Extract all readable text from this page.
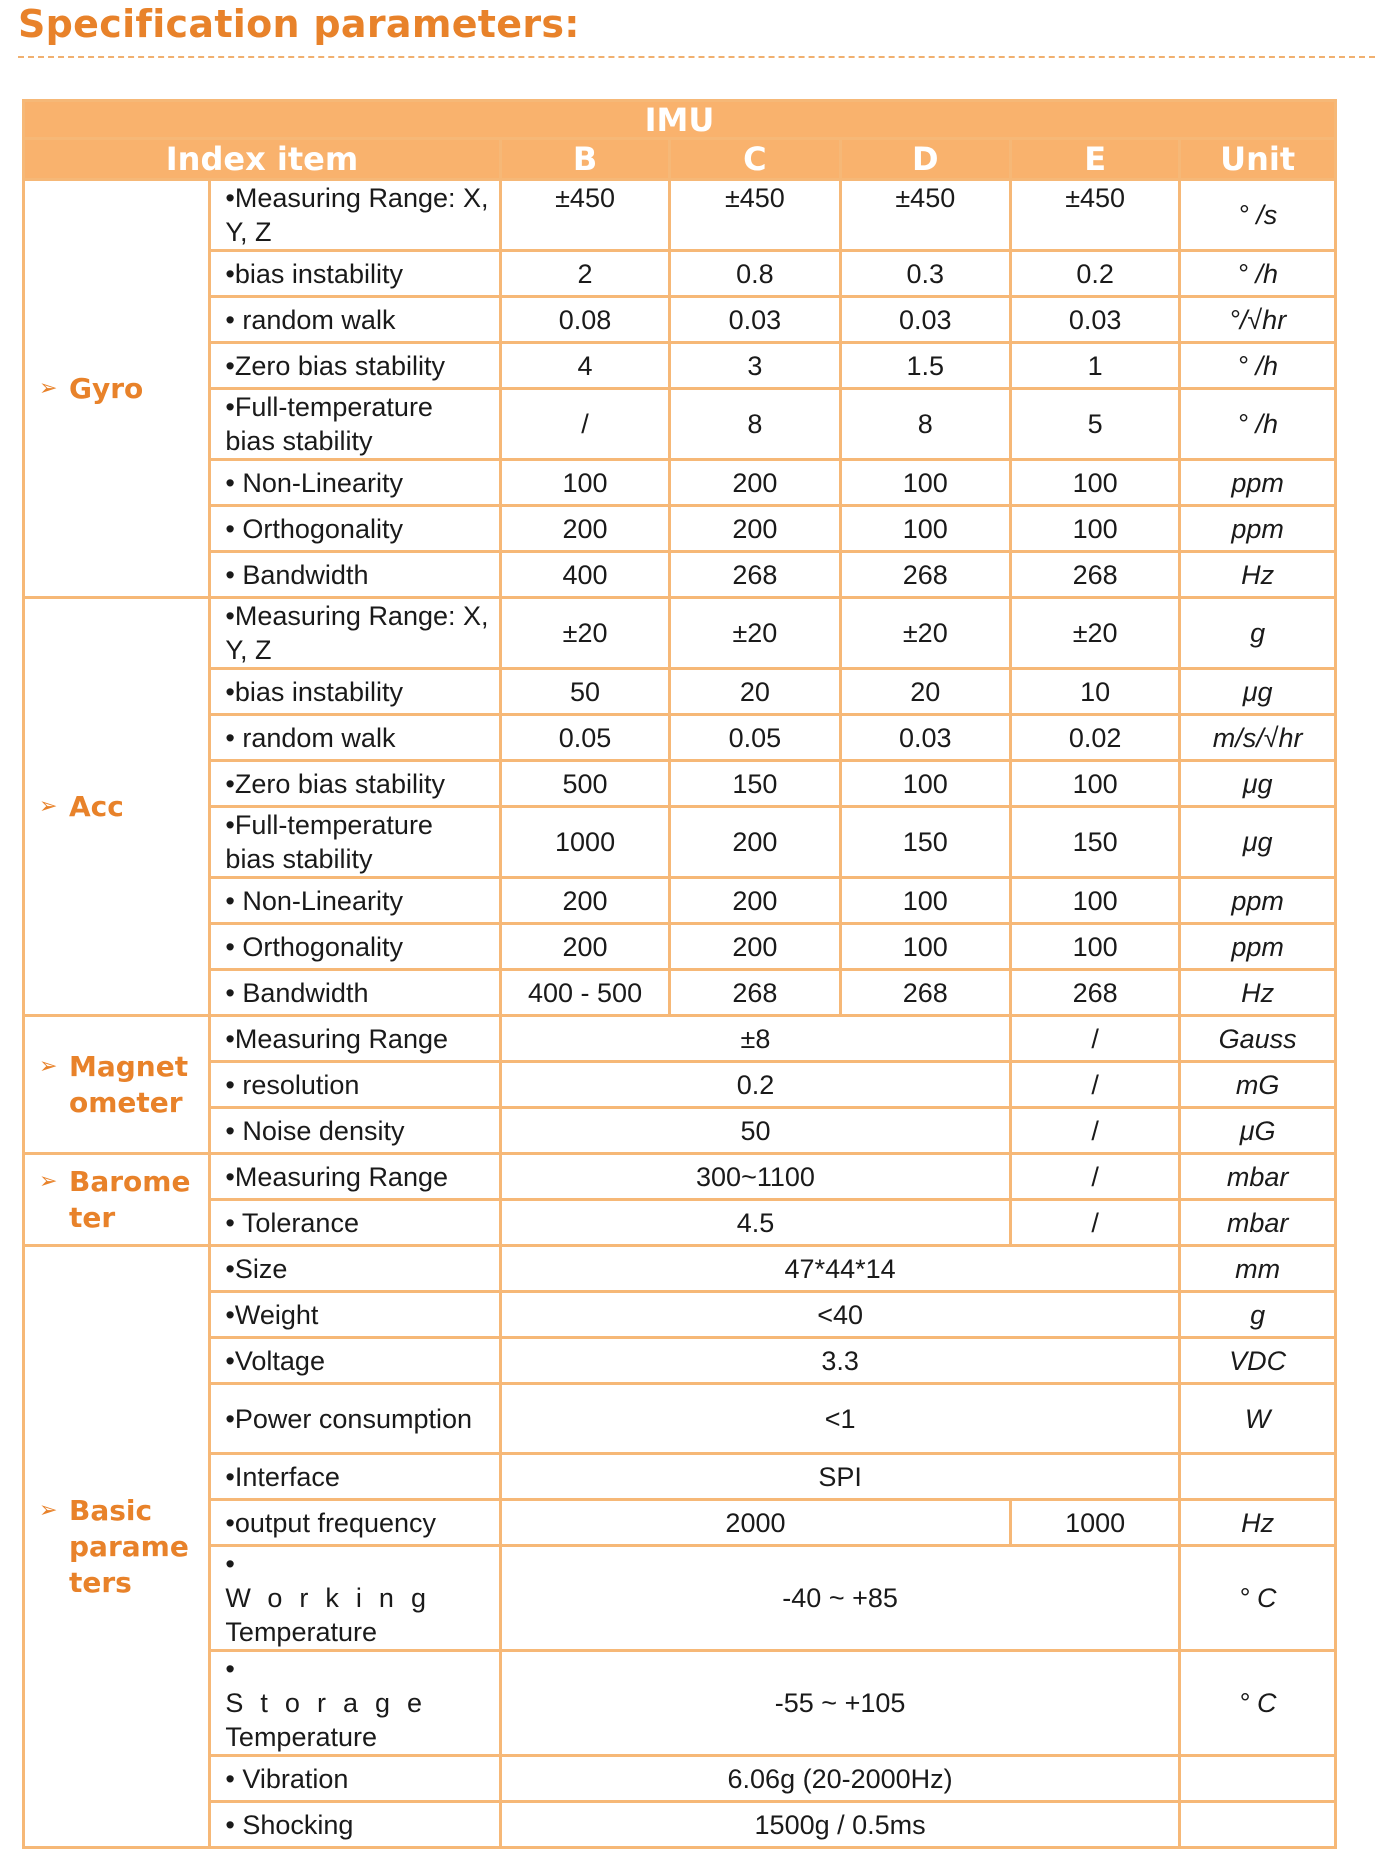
Specification parameters:
IMU						
Index item		B	C	D	E	Unit
➢ Gyro	•Measuring Range: X, Y, Z	±450	±450	±450	±450	° /s
	•bias instability	2	0.8	0.3	0.2	° /h
	• random walk	0.08	0.03	0.03	0.03	°/√hr
	•Zero bias stability	4	3	1.5	1	° /h
	•Full-temperature bias stability	/	8	8	5	° /h
	• Non-Linearity	100	200	100	100	ppm
	• Orthogonality	200	200	100	100	ppm
	• Bandwidth	400	268	268	268	Hz
➢ Acc	•Measuring Range: X, Y, Z	±20	±20	±20	±20	g
	•bias instability	50	20	20	10	μg
	• random walk	0.05	0.05	0.03	0.02	m/s/√hr
	•Zero bias stability	500	150	100	100	μg
	•Full-temperature bias stability	1000	200	150	150	μg
	• Non-Linearity	200	200	100	100	ppm
	• Orthogonality	200	200	100	100	ppm
	• Bandwidth	400 - 500	268	268	268	Hz
➢ Magnet
ometer	•Measuring Range	±8			/	Gauss
	• resolution	0.2			/	mG
	• Noise density	50			/	μG
➢ Barome
ter	•Measuring Range	300~1100			/	mbar
	• Tolerance	4.5			/	mbar
➢ Basic
parame
ters	•Size	47*44*14				mm
	•Weight	<40				g
	•Voltage	3.3				VDC
	•Power consumption	<1				W
	•Interface	SPI				
	•output frequency	2000			1000	Hz
	• Working
Temperature	-40 ~ +85				° C
	• Storage
Temperature	-55 ~ +105				° C
	• Vibration	6.06g (20-2000Hz)				
	• Shocking	1500g / 0.5ms				
